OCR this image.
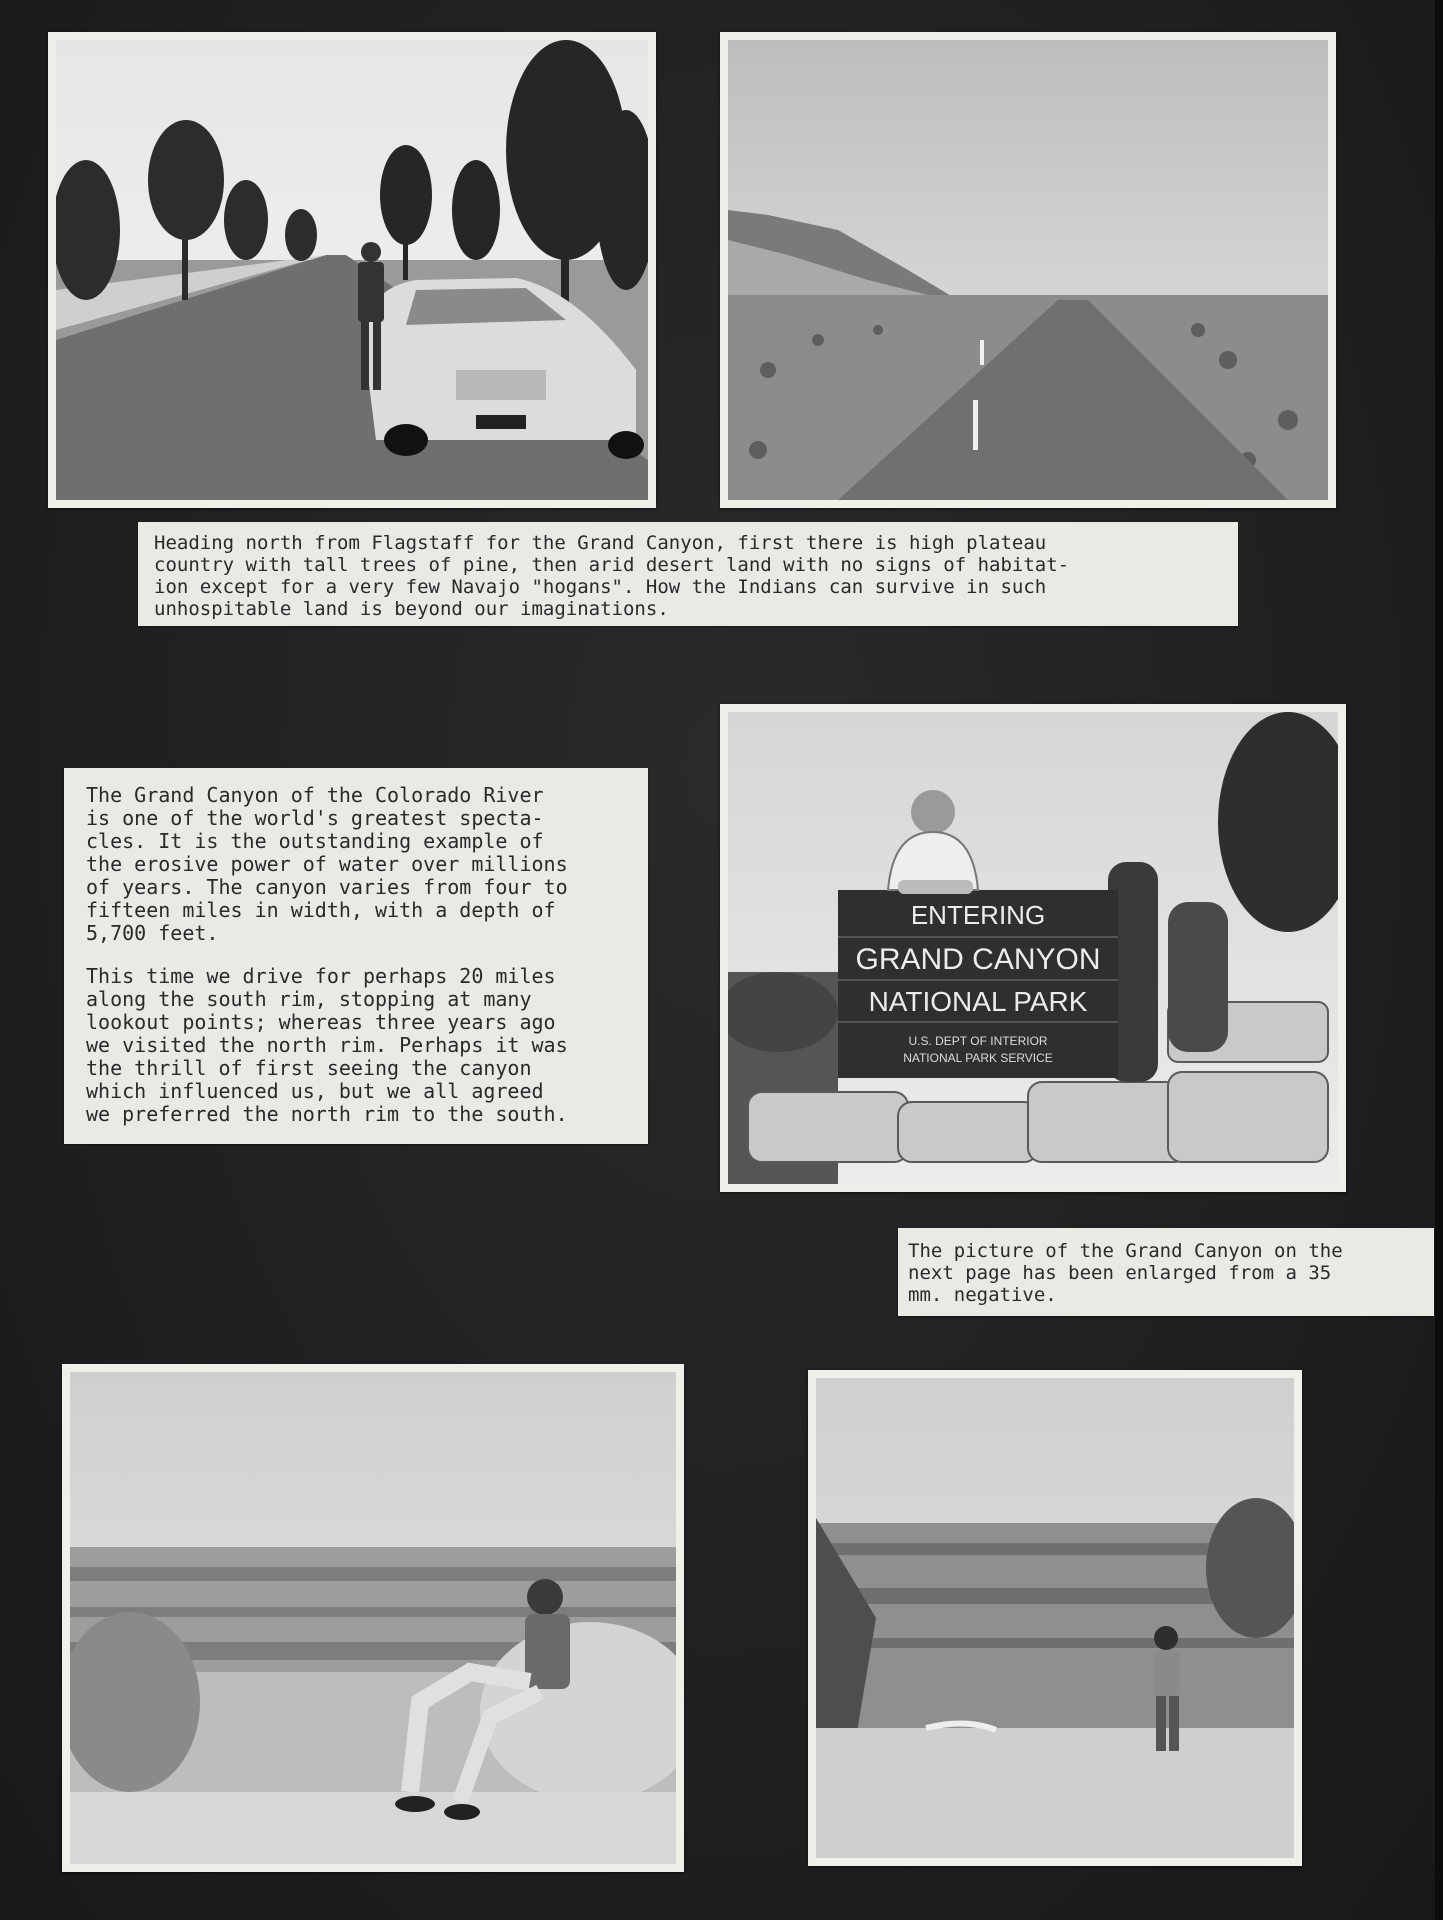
Heading north from Flagstaff for the Grand Canyon, first there is high plateau
country with tall trees of pine, then arid desert land with no signs of habitat-
ion except for a very few Navajo "hogans". How the Indians can survive in such
unhospitable land is beyond our imaginations.

The Grand Canyon of the Colorado River
is one of the world's greatest specta-
cles. It is the outstanding example of
the erosive power of water over millions
of years. The canyon varies from four to
fifteen miles in width, with a depth of
5,700 feet.

This time we drive for perhaps 20 miles
along the south rim, stopping at many
lookout points; whereas three years ago
we visited the north rim. Perhaps it was
the thrill of first seeing the canyon
which influenced us, but we all agreed
we preferred the north rim to the south.

ENTERING
GRAND CANYON
NATIONAL PARK
U.S. DEPT OF INTERIOR
NATIONAL PARK SERVICE

The picture of the Grand Canyon on the
next page has been enlarged from a 35
mm. negative.
